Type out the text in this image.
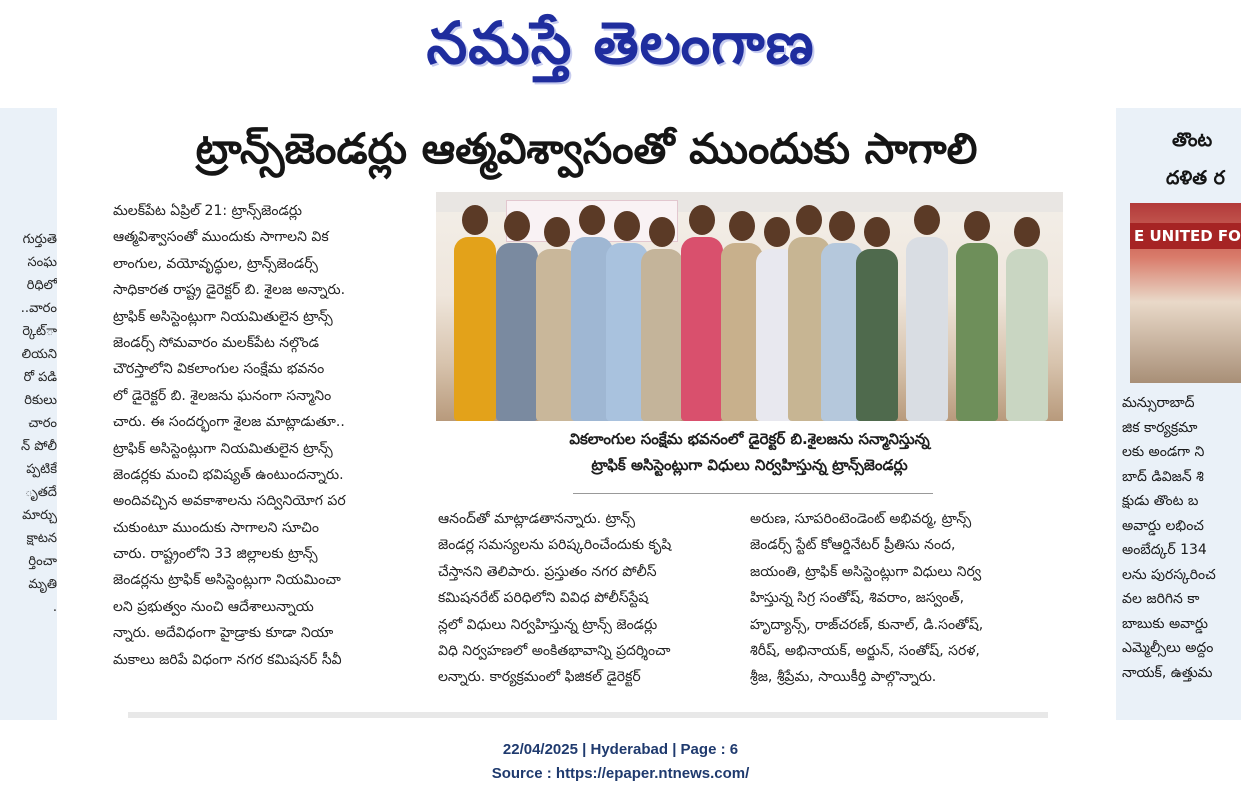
నమస్తే తెలంగాణ
గుర్తుతె
సంఘ
రిధిలో
వారం..
ార్కెట్
లియని
రో పడి
రికులు
చారం
న్ పోలీ
ప్పటికే
ృతదే
మార్చు
క్షాటన
ర్తించా
మృతి
.
ట్రాన్స్‌జెండర్లు ఆత్మవిశ్వాసంతో ముందుకు సాగాలి
మలక్‌పేట ఏప్రిల్ 21: ట్రాన్స్‌జెండర్లు
ఆత్మవిశ్వాసంతో ముందుకు సాగాలని విక
లాంగుల, వయోవృద్ధుల, ట్రాన్స్‌జెండర్స్
సాధికారత రాష్ట్ర డైరెక్టర్ బి. శైలజ అన్నారు.
ట్రాఫిక్ అసిస్టెంట్లుగా నియమితులైన ట్రాన్స్
జెండర్స్ సోమవారం మలక్‌పేట నల్గొండ
చౌరస్తాలోని వికలాంగుల సంక్షేమ భవనం
లో డైరెక్టర్ బి. శైలజను ఘనంగా సన్మానిం
చారు. ఈ సందర్భంగా శైలజ మాట్లాడుతూ..
ట్రాఫిక్ అసిస్టెంట్లుగా నియమితులైన ట్రాన్స్
జెండర్లకు మంచి భవిష్యత్ ఉంటుందన్నారు.
అందివచ్చిన అవకాశాలను సద్వినియోగ పర
చుకుంటూ ముందుకు సాగాలని సూచిం
చారు. రాష్ట్రంలోని 33 జిల్లాలకు ట్రాన్స్
జెండర్లను ట్రాఫిక్ అసిస్టెంట్లుగా నియమించా
లని ప్రభుత్వం నుంచి ఆదేశాలున్నాయ
న్నారు. అదేవిధంగా హైడ్రాకు కూడా నియా
మకాలు జరిపే విధంగా నగర కమిషనర్ సీవీ
వికలాంగుల సంక్షేమ భవనంలో డైరెక్టర్ బి.శైలజను సన్మానిస్తున్న
ట్రాఫిక్ అసిస్టెంట్లుగా విధులు నిర్వహిస్తున్న ట్రాన్స్‌జెండర్లు
ఆనంద్‌తో మాట్లాడతానన్నారు. ట్రాన్స్
జెండర్ల సమస్యలను పరిష్కరించేందుకు కృషి
చేస్తానని తెలిపారు. ప్రస్తుతం నగర పోలీస్
కమిషనరేట్ పరిధిలోని వివిధ పోలీస్‌స్టేష
న్లలో విధులు నిర్వహిస్తున్న ట్రాన్స్ జెండర్లు
విధి నిర్వహణలో అంకితభావాన్ని ప్రదర్శించా
లన్నారు. కార్యక్రమంలో ఫిజికల్ డైరెక్టర్
అరుణ, సూపరింటెండెంట్ అభివర్మ, ట్రాన్స్
జెండర్స్ స్టేట్ కోఆర్డినేటర్ ప్రీతిసు నంద,
జయంతి, ట్రాఫిక్ అసిస్టెంట్లుగా విధులు నిర్వ
హిస్తున్న సిగ్ర సంతోష్, శివరాం, జస్వంత్,
హృద్యాన్స్, రాజ్‌చరణ్, కునాల్, డి.సంతోష్,
శిరీష్, అభినాయక్, అర్జున్, సంతోష్, సరళ,
శ్రీజ, శ్రీప్రేమ, సాయికీర్తి పాల్గొన్నారు.
తొంట
దళిత ర
E UNITED FO
మన్సురాబాద్
జిక కార్యక్రమా
లకు అండగా ని
బాద్ డివిజన్ శి
క్షుడు తొంట బ
అవార్డు లభించ
అంబేద్కర్ 134
లను పురస్కరించ
వల జరిగిన కా
బాబుకు అవార్డు
ఎమ్మెల్సీలు అద్దం
నాయక్, ఉత్తుమ
22/04/2025 | Hyderabad | Page : 6
Source : https://epaper.ntnews.com/
